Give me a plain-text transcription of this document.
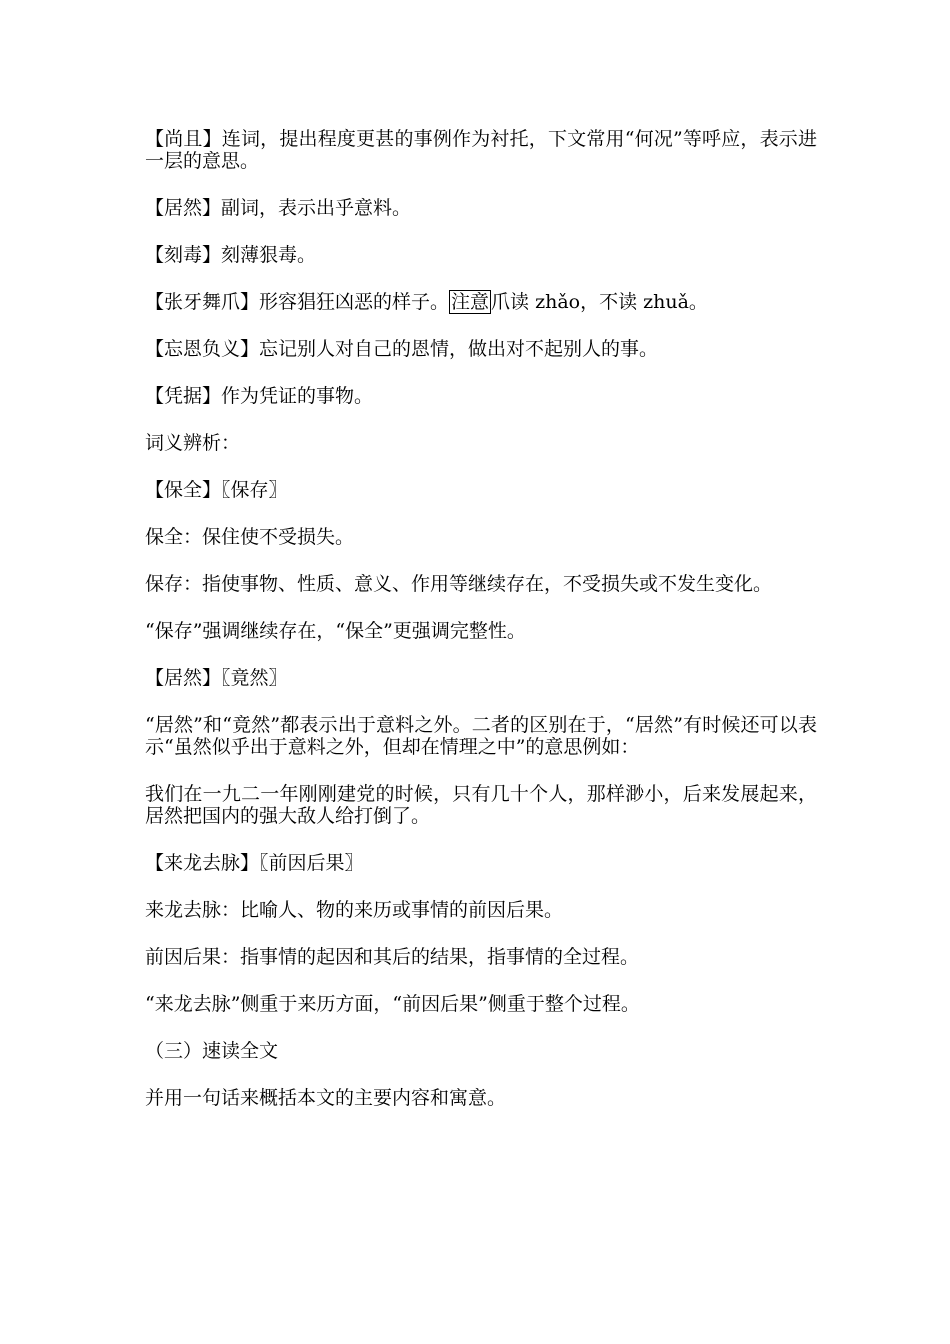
【尚且】连词，提出程度更甚的事例作为衬托，下文常用“何况”等呼应，表示进一层的意思。

【居然】副词，表示出乎意料。

【刻毒】刻薄狠毒。

【张牙舞爪】形容猖狂凶恶的样子。 注意 爪读 zhǎo，不读 zhuǎ。

【忘恩负义】忘记别人对自己的恩情，做出对不起别人的事。

【凭据】作为凭证的事物。

词义辨析：

【保全】〖保存〗

保全：保住使不受损失。

保存：指使事物、性质、意义、作用等继续存在，不受损失或不发生变化。

“保存”强调继续存在，“保全”更强调完整性。

【居然】〖竟然〗

“居然”和“竟然”都表示出于意料之外。二者的区别在于，“居然”有时候还可以表示“虽然似乎出于意料之外，但却在情理之中”的意思例如：

我们在一九二一年刚刚建党的时候，只有几十个人，那样渺小，后来发展起来，居然把国内的强大敌人给打倒了。

【来龙去脉】〖前因后果〗

来龙去脉：比喻人、物的来历或事情的前因后果。

前因后果：指事情的起因和其后的结果，指事情的全过程。

“来龙去脉”侧重于来历方面，“前因后果”侧重于整个过程。

（三）速读全文

并用一句话来概括本文的主要内容和寓意。
